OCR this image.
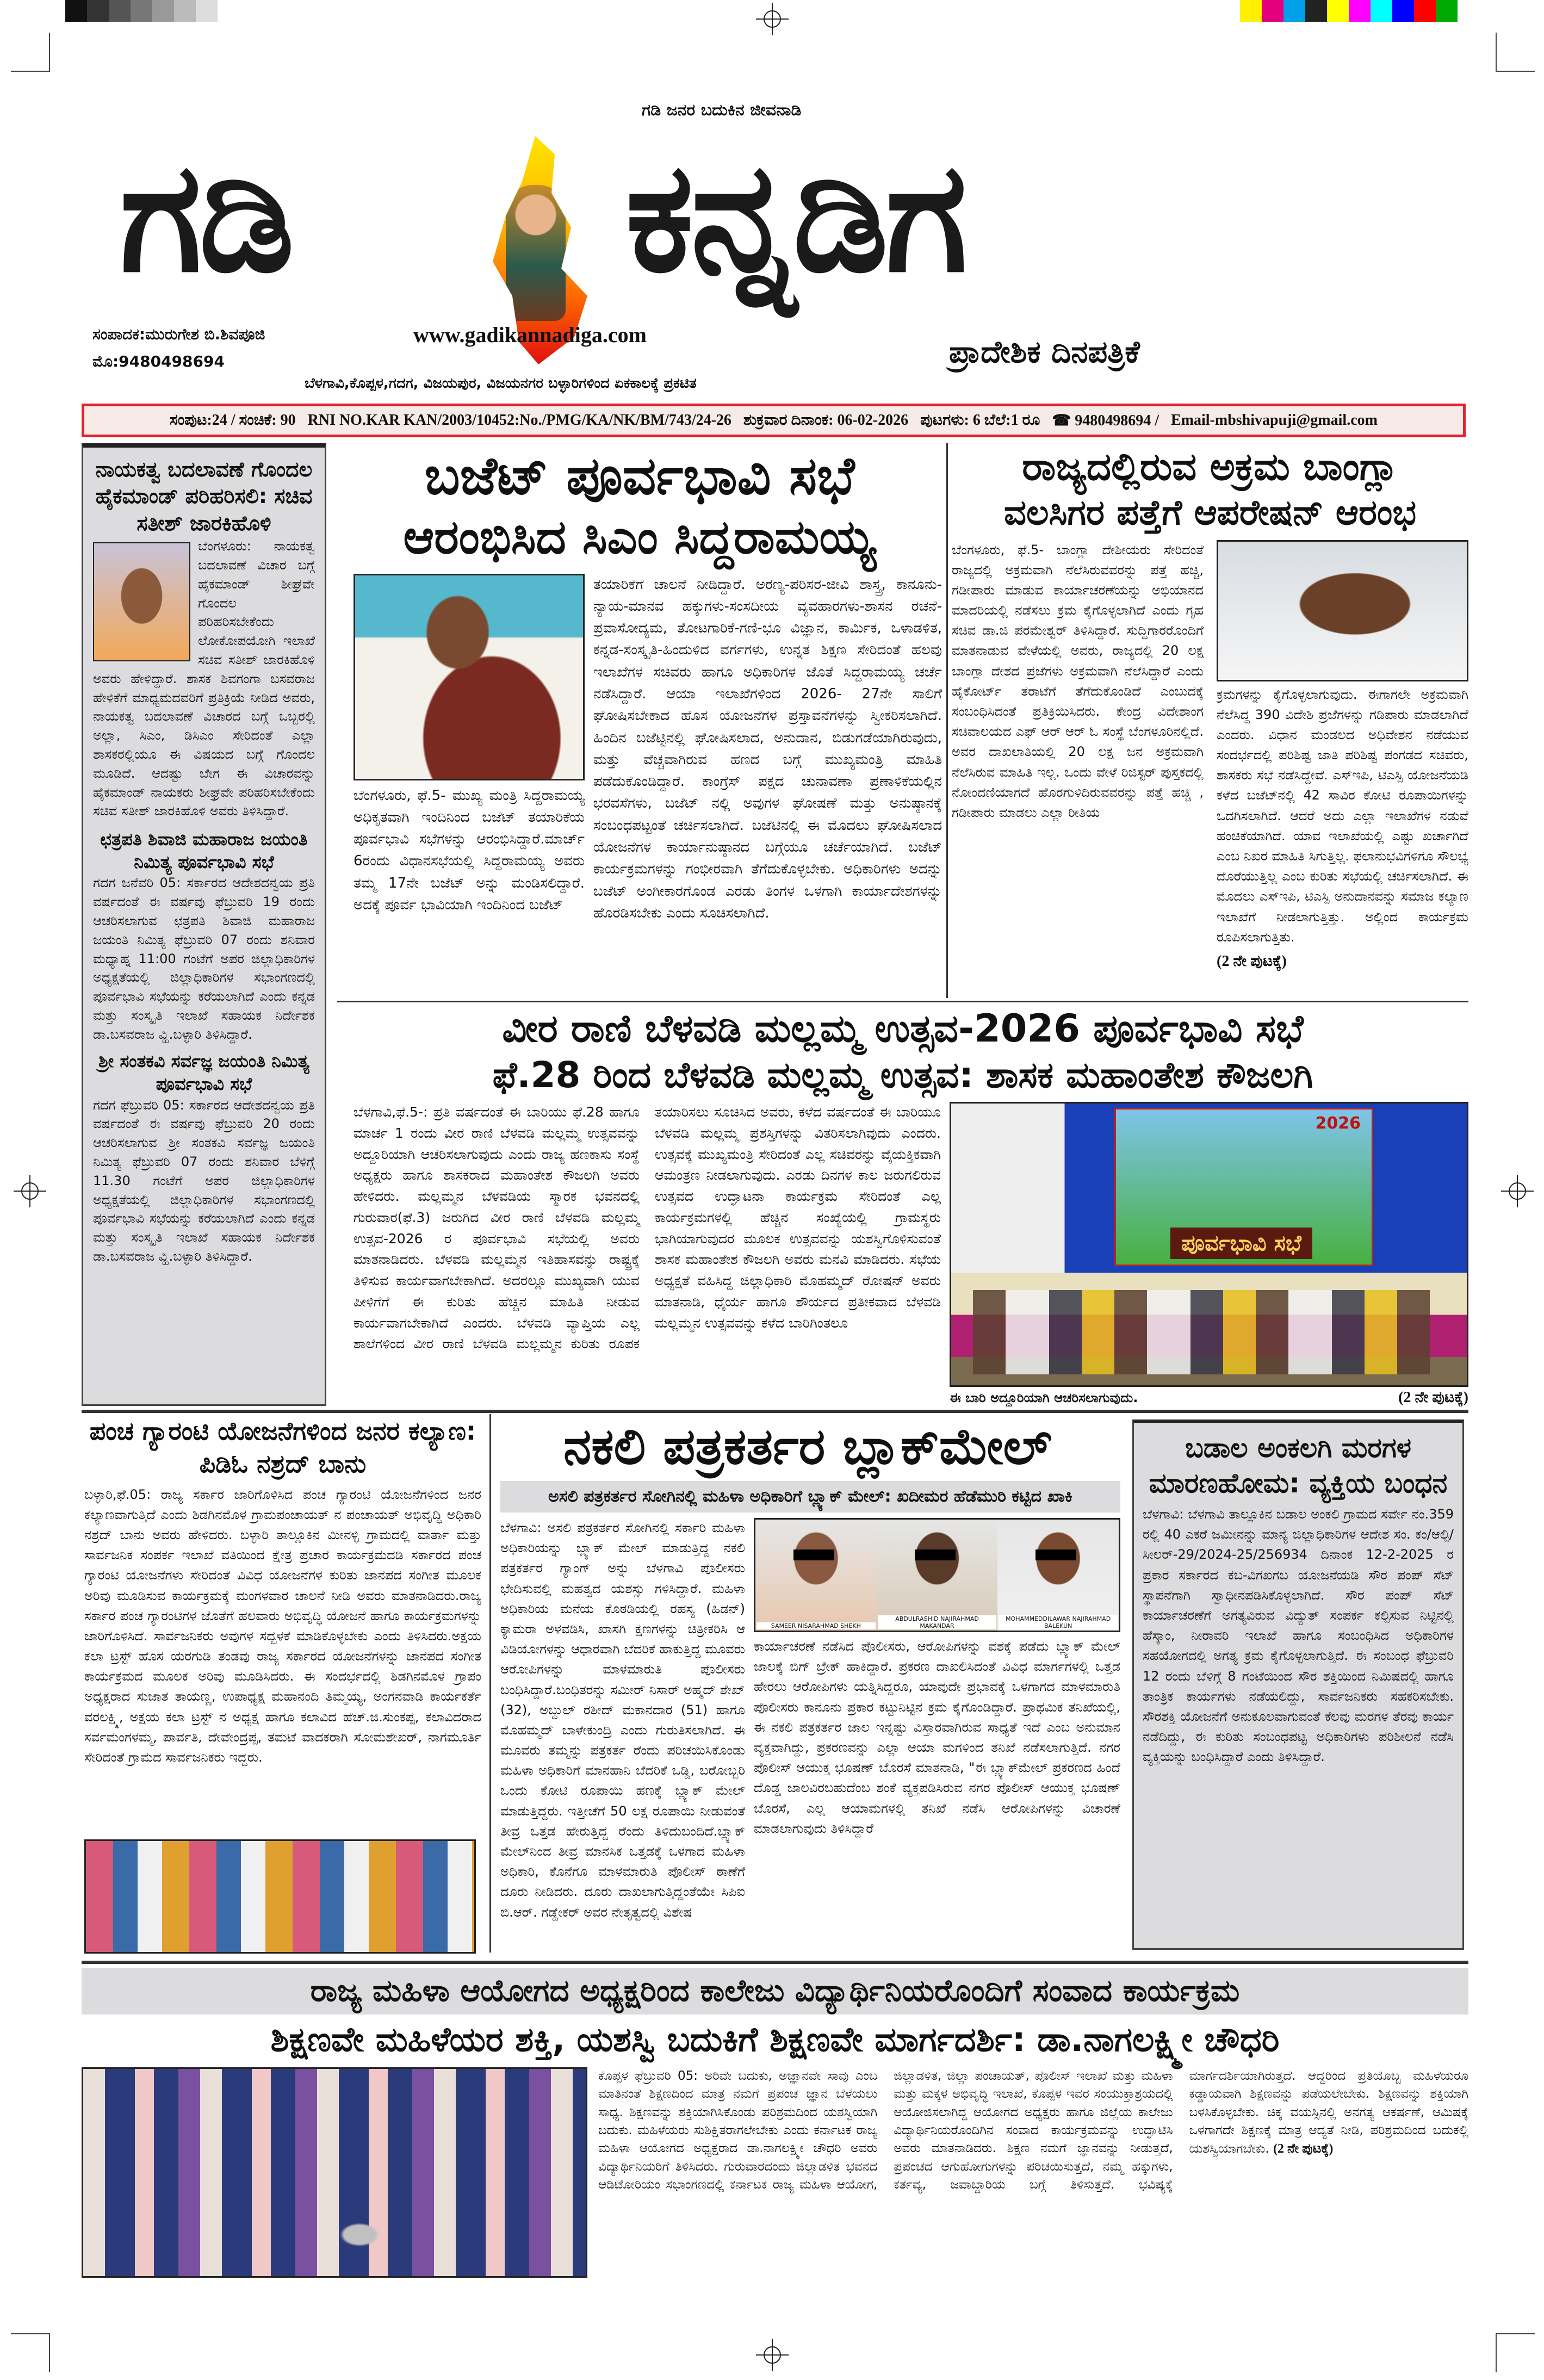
ಗಡಿ ಜನರ ಬದುಕಿನ ಜೀವನಾಡಿ
ಗಡಿ ಕನ್ನಡಿಗ
ಸಂಪಾದಕ:ಮುರುಗೇಶ ಬಿ.ಶಿವಪೂಜಿ
ಮೊ:9480498694
www.gadikannadiga.com
ಬೆಳಗಾವಿ,ಕೊಪ್ಪಳ,ಗದಗ, ವಿಜಯಪುರ, ವಿಜಯನಗರ ಬಳ್ಳಾರಿಗಳಿಂದ ಏಕಕಾಲಕ್ಕೆ ಪ್ರಕಟಿತ
ಪ್ರಾದೇಶಿಕ ದಿನಪತ್ರಿಕೆ
ಸಂಪುಟ:24 / ಸಂಚಿಕೆ: 90 RNI NO.KAR KAN/2003/10452:No./PMG/KA/NK/BM/743/24-26 ಶುಕ್ರವಾರ ದಿನಾಂಕ: 06-02-2026 ಪುಟಗಳು: 6 ಬೆಲೆ:1 ರೂ ☎ 9480498694 / Email-mbshivapuji@gmail.com
ನಾಯಕತ್ವ ಬದಲಾವಣೆ ಗೊಂದಲ ಹೈಕಮಾಂಡ್ ಪರಿಹರಿಸಲಿ: ಸಚಿವ ಸತೀಶ್ ಜಾರಕಿಹೊಳಿ
ಬೆಂಗಳೂರು: ನಾಯಕತ್ವ ಬದಲಾವಣೆ ವಿಚಾರ ಬಗ್ಗೆ ಹೈಕಮಾಂಡ್ ಶೀಘ್ರವೇ ಗೊಂದಲ ಪರಿಹರಿಸಬೇಕೆಂದು ಲೋಕೋಪಯೋಗಿ ಇಲಾಖೆ ಸಚಿವ ಸತೀಶ್ ಜಾರಕಿಹೊಳಿ ಅವರು ಹೇಳಿದ್ದಾರೆ. ಶಾಸಕ ಶಿವಗಂಗಾ ಬಸವರಾಜ ಹೇಳಿಕೆಗೆ ಮಾಧ್ಯಮದವರಿಗೆ ಪ್ರತಿಕ್ರಿಯೆ ನೀಡಿದ ಅವರು, ನಾಯಕತ್ವ ಬದಲಾವಣೆ ವಿಚಾರದ ಬಗ್ಗೆ ಒಬ್ಬರಲ್ಲಿ ಅಲ್ಲಾ, ಸಿಎಂ, ಡಿಸಿಎಂ ಸೇರಿದಂತೆ ಎಲ್ಲಾ ಶಾಸಕರಲ್ಲಿಯೂ ಈ ವಿಷಯದ ಬಗ್ಗೆ ಗೊಂದಲ ಮೂಡಿದೆ. ಆದಷ್ಟು ಬೇಗ ಈ ವಿಚಾರವನ್ನು ಹೈಕಮಾಂಡ್ ನಾಯಕರು ಶೀಘ್ರವೇ ಪರಿಹರಿಸಬೇಕೆಂದು ಸಚಿವ ಸತೀಶ್ ಜಾರಕಿಹೊಳಿ ಅವರು ತಿಳಿಸಿದ್ದಾರೆ.
ಛತ್ರಪತಿ ಶಿವಾಜಿ ಮಹಾರಾಜ ಜಯಂತಿ ನಿಮಿತ್ಯ ಪೂರ್ವಭಾವಿ ಸಭೆ
ಗದಗ ಜನೆವರಿ 05: ಸರ್ಕಾರದ ಆದೇಶದನ್ವಯ ಪ್ರತಿ ವರ್ಷದಂತೆ ಈ ವರ್ಷವು ಫೆಬ್ರುವರಿ 19 ರಂದು ಆಚರಿಸಲಾಗುವ ಛತ್ರಪತಿ ಶಿವಾಜಿ ಮಹಾರಾಜ ಜಯಂತಿ ನಿಮಿತ್ಯ ಫೆಬ್ರುವರಿ 07 ರಂದು ಶನಿವಾರ ಮಧ್ಯಾಹ್ನ 11:00 ಗಂಟೆಗೆ ಅಪರ ಜಿಲ್ಲಾಧಿಕಾರಿಗಳ ಅಧ್ಯಕ್ಷತೆಯಲ್ಲಿ ಜಿಲ್ಲಾಧಿಕಾರಿಗಳ ಸಭಾಂಗಣದಲ್ಲಿ ಪೂರ್ವಭಾವಿ ಸಭೆಯನ್ನು ಕರೆಯಲಾಗಿದೆ ಎಂದು ಕನ್ನಡ ಮತ್ತು ಸಂಸ್ಕೃತಿ ಇಲಾಖೆ ಸಹಾಯಕ ನಿರ್ದೇಶಕ ಡಾ.ಬಸವರಾಜ ವ್ಹಿ.ಬಳ್ಳಾರಿ ತಿಳಿಸಿದ್ದಾರೆ.
ಶ್ರೀ ಸಂತಕವಿ ಸರ್ವಜ್ಞ ಜಯಂತಿ ನಿಮಿತ್ಯ ಪೂರ್ವಭಾವಿ ಸಭೆ
ಗದಗ ಫೆಬ್ರುವರಿ 05: ಸರ್ಕಾರದ ಆದೇಶದನ್ವಯ ಪ್ರತಿ ವರ್ಷದಂತೆ ಈ ವರ್ಷವು ಫೆಬ್ರುವರಿ 20 ರಂದು ಆಚರಿಸಲಾಗುವ ಶ್ರೀ ಸಂತಕವಿ ಸರ್ವಜ್ಞ ಜಯಂತಿ ನಿಮಿತ್ಯ ಫೆಬ್ರುವರಿ 07 ರಂದು ಶನಿವಾರ ಬೆಳಿಗ್ಗೆ 11.30 ಗಂಟೆಗೆ ಅಪರ ಜಿಲ್ಲಾಧಿಕಾರಿಗಳ ಅಧ್ಯಕ್ಷತೆಯಲ್ಲಿ ಜಿಲ್ಲಾಧಿಕಾರಿಗಳ ಸಭಾಂಗಣದಲ್ಲಿ ಪೂರ್ವಭಾವಿ ಸಭೆಯನ್ನು ಕರೆಯಲಾಗಿದೆ ಎಂದು ಕನ್ನಡ ಮತ್ತು ಸಂಸ್ಕೃತಿ ಇಲಾಖೆ ಸಹಾಯಕ ನಿರ್ದೇಶಕ ಡಾ.ಬಸವರಾಜ ವ್ಹಿ.ಬಳ್ಳಾರಿ ತಿಳಿಸಿದ್ದಾರೆ.
ಬಜೆಟ್ ಪೂರ್ವಭಾವಿ ಸಭೆ
ಆರಂಭಿಸಿದ ಸಿಎಂ ಸಿದ್ದರಾಮಯ್ಯ
ಬೆಂಗಳೂರು, ಫೆ.5- ಮುಖ್ಯ ಮಂತ್ರಿ ಸಿದ್ದರಾಮಯ್ಯ ಅಧಿಕೃತವಾಗಿ ಇಂದಿನಿಂದ ಬಜೆಟ್ ತಯಾರಿಕೆಯ ಪೂರ್ವಭಾವಿ ಸಭೆಗಳನ್ನು ಆರಂಭಿಸಿದ್ದಾರೆ.ಮಾರ್ಚ್ 6ರಂದು ವಿಧಾನಸಭೆಯಲ್ಲಿ ಸಿದ್ದರಾಮಯ್ಯ ಅವರು ತಮ್ಮ 17ನೇ ಬಜೆಟ್ ಅನ್ನು ಮಂಡಿಸಲಿದ್ದಾರೆ. ಅದಕ್ಕೆ ಪೂರ್ವ ಭಾವಿಯಾಗಿ ಇಂದಿನಿಂದ ಬಜೆಟ್
ತಯಾರಿಕೆಗೆ ಚಾಲನೆ ನೀಡಿದ್ದಾರೆ. ಅರಣ್ಯ-ಪರಿಸರ-ಜೀವಿ ಶಾಸ್ತ್ರ, ಕಾನೂನು-ನ್ಯಾಯ-ಮಾನವ ಹಕ್ಕುಗಳು-ಸಂಸದೀಯ ವ್ಯವಹಾರಗಳು-ಶಾಸನ ರಚನೆ-ಪ್ರವಾಸೋದ್ಯಮ, ತೋಟಗಾರಿಕೆ-ಗಣಿ-ಭೂ ವಿಜ್ಞಾನ, ಕಾರ್ಮಿಕ, ಒಳಾಡಳಿತ, ಕನ್ನಡ-ಸಂಸ್ಕೃತಿ-ಹಿಂದುಳಿದ ವರ್ಗಗಳು, ಉನ್ನತ ಶಿಕ್ಷಣ ಸೇರಿದಂತೆ ಹಲವು ಇಲಾಖೆಗಳ ಸಚಿವರು ಹಾಗೂ ಅಧಿಕಾರಿಗಳ ಜೊತೆ ಸಿದ್ದರಾಮಯ್ಯ ಚರ್ಚೆ ನಡೆಸಿದ್ದಾರೆ. ಆಯಾ ಇಲಾಖೆಗಳಿಂದ 2026- 27ನೇ ಸಾಲಿಗೆ ಘೋಷಿಸಬೇಕಾದ ಹೊಸ ಯೋಜನೆಗಳ ಪ್ರಸ್ತಾವನೆಗಳನ್ನು ಸ್ವೀಕರಿಸಲಾಗಿದೆ. ಹಿಂದಿನ ಬಜೆಟ್ಟಿನಲ್ಲಿ ಘೋಷಿಸಲಾದ, ಅನುದಾನ, ಬಿಡುಗಡೆಯಾಗಿರುವುದು, ಮತ್ತು ವೆಚ್ಚವಾಗಿರುವ ಹಣದ ಬಗ್ಗೆ ಮುಖ್ಯಮಂತ್ರಿ ಮಾಹಿತಿ ಪಡೆದುಕೊಂಡಿದ್ದಾರೆ. ಕಾಂಗ್ರೆಸ್ ಪಕ್ಷದ ಚುನಾವಣಾ ಪ್ರಣಾಳಿಕೆಯಲ್ಲಿನ ಭರವಸೆಗಳು, ಬಜೆಟ್ ನಲ್ಲಿ ಅವುಗಳ ಘೋಷಣೆ ಮತ್ತು ಅನುಷ್ಠಾನಕ್ಕೆ ಸಂಬಂಧಪಟ್ಟಂತೆ ಚರ್ಚಿಸಲಾಗಿದೆ. ಬಜೆಟಿನಲ್ಲಿ ಈ ಮೊದಲು ಘೋಷಿಸಲಾದ ಯೋಜನೆಗಳ ಕಾರ್ಯಾನುಷ್ಠಾನದ ಬಗ್ಗೆಯೂ ಚರ್ಚೆಯಾಗಿದೆ. ಬಜೆಟ್ ಕಾರ್ಯಕ್ರಮಗಳನ್ನು ಗಂಭೀರವಾಗಿ ತೆಗೆದುಕೊಳ್ಳಬೇಕು. ಅಧಿಕಾರಿಗಳು ಅದನ್ನು ಬಜೆಟ್ ಅಂಗೀಕಾರಗೊಂಡ ಎರಡು ತಿಂಗಳ ಒಳಗಾಗಿ ಕಾರ್ಯಾದೇಶಗಳನ್ನು ಹೊರಡಿಸಬೇಕು ಎಂದು ಸೂಚಿಸಲಾಗಿದೆ.
ರಾಜ್ಯದಲ್ಲಿರುವ ಅಕ್ರಮ ಬಾಂಗ್ಲಾ
ವಲಸಿಗರ ಪತ್ತೆಗೆ ಆಪರೇಷನ್ ಆರಂಭ
ಬೆಂಗಳೂರು, ಫೆ.5- ಬಾಂಗ್ಲಾ ದೇಶೀಯರು ಸೇರಿದಂತೆ ರಾಜ್ಯದಲ್ಲಿ ಅಕ್ರಮವಾಗಿ ನೆಲೆಸಿರುವವರನ್ನು ಪತ್ತೆ ಹಚ್ಚಿ, ಗಡೀಪಾರು ಮಾಡುವ ಕಾರ್ಯಾಚರಣೆಯನ್ನು ಅಭಿಯಾನದ ಮಾದರಿಯಲ್ಲಿ ನಡೆಸಲು ಕ್ರಮ ಕೈಗೊಳ್ಳಲಾಗಿದೆ ಎಂದು ಗೃಹ ಸಚಿವ ಡಾ.ಜಿ ಪರಮೇಶ್ವರ್ ತಿಳಿಸಿದ್ದಾರೆ. ಸುದ್ದಿಗಾರರೊಂದಿಗೆ ಮಾತನಾಡುವ ವೇಳೆಯಲ್ಲಿ ಅವರು, ರಾಜ್ಯದಲ್ಲಿ 20 ಲಕ್ಷ ಬಾಂಗ್ಲಾ ದೇಶದ ಪ್ರಜೆಗಳು ಅಕ್ರಮವಾಗಿ ನೆಲೆಸಿದ್ದಾರೆ ಎಂದು ಹೈಕೋರ್ಟ್ ತರಾಟೆಗೆ ತೆಗೆದುಕೊಂಡಿದೆ ಎಂಬುದಕ್ಕೆ ಸಂಬಂಧಿಸಿದಂತೆ ಪ್ರತಿಕ್ರಿಯಿಸಿದರು. ಕೇಂದ್ರ ವಿದೇಶಾಂಗ ಸಚಿವಾಲಯದ ಎಫ್ ಆರ್ ಆರ್ ಓ ಸಂಸ್ಥೆ ಬೆಂಗಳೂರಿನಲ್ಲಿದೆ. ಅವರ ದಾಖಲಾತಿಯಲ್ಲಿ 20 ಲಕ್ಷ ಜನ ಅಕ್ರಮವಾಗಿ ನೆಲೆಸಿರುವ ಮಾಹಿತಿ ಇಲ್ಲ. ಒಂದು ವೇಳೆ ರಿಜಿಸ್ಟರ್ ಪುಸ್ತಕದಲ್ಲಿ ನೋಂದಣಿಯಾಗದೆ ಹೊರಗುಳಿದಿರುವವರನ್ನು ಪತ್ತೆ ಹಚ್ಚಿ , ಗಡೀಪಾರು ಮಾಡಲು ಎಲ್ಲಾ ರೀತಿಯ

ಕ್ರಮಗಳನ್ನು ಕೈಗೊಳ್ಳಲಾಗುವುದು. ಈಗಾಗಲೇ ಅಕ್ರಮವಾಗಿ ನೆಲೆಸಿದ್ದ 390 ವಿದೇಶಿ ಪ್ರಜೆಗಳನ್ನು ಗಡಿಪಾರು ಮಾಡಲಾಗಿದೆ ಎಂದರು. ವಿಧಾನ ಮಂಡಲದ ಅಧಿವೇಶನ ನಡೆಯುವ ಸಂದರ್ಭದಲ್ಲಿ ಪರಿಶಿಷ್ಟ ಜಾತಿ ಪರಿಶಿಷ್ಟ ಪಂಗಡದ ಸಚಿವರು, ಶಾಸಕರು ಸಭೆ ನಡೆಸಿದ್ದೇವೆ. ಎಸ್ಇಪಿ, ಟಿಎಸ್ಪಿ ಯೋಜನೆಯಡಿ ಕಳೆದ ಬಜೆಟ್‌ನಲ್ಲಿ 42 ಸಾವಿರ ಕೋಟಿ ರೂಪಾಯಿಗಳನ್ನು ಒದಗಿಸಲಾಗಿದೆ. ಆದರೆ ಅದು ಎಲ್ಲಾ ಇಲಾಖೆಗಳ ನಡುವೆ ಹಂಚಿಕೆಯಾಗಿದೆ. ಯಾವ ಇಲಾಖೆಯಲ್ಲಿ ಎಷ್ಟು ಖರ್ಚಾಗಿದೆ ಎಂಬ ನಿಖರ ಮಾಹಿತಿ ಸಿಗುತ್ತಿಲ್ಲ. ಫಲಾನುಭವಿಗಳಿಗೂ ಸೌಲಭ್ಯ ದೊರೆಯುತ್ತಿಲ್ಲ ಎಂಬ ಕುರಿತು ಸಭೆಯಲ್ಲಿ ಚರ್ಚಿಸಲಾಗಿದೆ. ಈ ಮೊದಲು ಎಸ್ಇಪಿ, ಟಿಎಸ್ಪಿ ಅನುದಾನವನ್ನು ಸಮಾಜ ಕಲ್ಯಾಣ ಇಲಾಖೆಗೆ ನೀಡಲಾಗುತ್ತಿತ್ತು. ಅಲ್ಲಿಂದ ಕಾರ್ಯಕ್ರಮ ರೂಪಿಸಲಾಗುತ್ತಿತು.

(2 ನೇ ಪುಟಕ್ಕೆ)
ವೀರ ರಾಣಿ ಬೆಳವಡಿ ಮಲ್ಲಮ್ಮ ಉತ್ಸವ-2026 ಪೂರ್ವಭಾವಿ ಸಭೆ
ಫೆ.28 ರಿಂದ ಬೆಳವಡಿ ಮಲ್ಲಮ್ಮ ಉತ್ಸವ: ಶಾಸಕ ಮಹಾಂತೇಶ ಕೌಜಲಗಿ
ಬೆಳಗಾವಿ,ಫೆ.5-: ಪ್ರತಿ ವರ್ಷದಂತೆ ಈ ಬಾರಿಯು ಫೆ.28 ಹಾಗೂ ಮಾರ್ಚ 1 ರಂದು ವೀರ ರಾಣಿ ಬೆಳವಡಿ ಮಲ್ಲಮ್ಮ ಉತ್ಸವವನ್ನು ಅದ್ದೂರಿಯಾಗಿ ಆಚರಿಸಲಾಗುವುದು ಎಂದು ರಾಜ್ಯ ಹಣಕಾಸು ಸಂಸ್ಥೆ ಅಧ್ಯಕ್ಷರು ಹಾಗೂ ಶಾಸಕರಾದ ಮಹಾಂತೇಶ ಕೌಜಲಗಿ ಅವರು ಹೇಳಿದರು. ಮಲ್ಲಮ್ಮನ ಬೆಳವಡಿಯ ಸ್ಮಾರಕ ಭವನದಲ್ಲಿ ಗುರುವಾರ(ಫೆ.3) ಜರುಗಿದ ವೀರ ರಾಣಿ ಬೆಳವಡಿ ಮಲ್ಲಮ್ಮ ಉತ್ಸವ-2026 ರ ಪೂರ್ವಭಾವಿ ಸಭೆಯಲ್ಲಿ ಅವರು ಮಾತನಾಡಿದರು. ಬೆಳವಡಿ ಮಲ್ಲಮ್ಮನ ಇತಿಹಾಸವನ್ನು ರಾಷ್ಟ್ರಕ್ಕೆ ತಿಳಿಸುವ ಕಾರ್ಯವಾಗಬೇಕಾಗಿದೆ. ಅದರಲ್ಲೂ ಮುಖ್ಯವಾಗಿ ಯುವ ಪೀಳಿಗೆಗೆ ಈ ಕುರಿತು ಹೆಚ್ಚಿನ ಮಾಹಿತಿ ನೀಡುವ ಕಾರ್ಯವಾಗಬೇಕಾಗಿದೆ ಎಂದರು. ಬೆಳವಡಿ ವ್ಯಾಪ್ತಿಯ ಎಲ್ಲ ಶಾಲೆಗಳಿಂದ ವೀರ ರಾಣಿ ಬೆಳವಡಿ ಮಲ್ಲಮ್ಮನ ಕುರಿತು ರೂಪಕ ತಯಾರಿಸಲು ಸೂಚಿಸಿದ ಅವರು, ಕಳೆದ ವರ್ಷದಂತೆ ಈ ಬಾರಿಯೂ ಬೆಳವಡಿ ಮಲ್ಲಮ್ಮ ಪ್ರಶಸ್ತಿಗಳನ್ನು ವಿತರಿಸಲಾಗಿವುದು ಎಂದರು. ಉತ್ಸವಕ್ಕೆ ಮುಖ್ಯಮಂತ್ರಿ ಸೇರಿದಂತೆ ಎಲ್ಲ ಸಚಿವರನ್ನು ವೈಯಕ್ತಿಕವಾಗಿ ಆಮಂತ್ರಣ ನೀಡಲಾಗುವುದು. ಎರಡು ದಿನಗಳ ಕಾಲ ಜರುಗಲಿರುವ ಉತ್ಸವದ ಉದ್ಘಾಟನಾ ಕಾರ್ಯಕ್ರಮ ಸೇರಿದಂತೆ ಎಲ್ಲ ಕಾರ್ಯಕ್ರಮಗಳಲ್ಲಿ ಹೆಚ್ಚಿನ ಸಂಖ್ಯೆಯಲ್ಲಿ ಗ್ರಾಮಸ್ಥರು ಭಾಗಿಯಾಗುವುದರ ಮೂಲಕ ಉತ್ಸವವನ್ನು ಯಶಸ್ವಿಗೊಳಿಸುವಂತೆ ಶಾಸಕ ಮಹಾಂತೇಶ ಕೌಜಲಗಿ ಅವರು ಮನವಿ ಮಾಡಿದರು. ಸಭೆಯ ಅಧ್ಯಕ್ಷತೆ ವಹಿಸಿದ್ದ ಜಿಲ್ಲಾಧಿಕಾರಿ ಮೊಹಮ್ಮದ್ ರೋಷನ್ ಅವರು ಮಾತನಾಡಿ, ಧೈರ್ಯ ಹಾಗೂ ಶೌರ್ಯದ ಪ್ರತೀಕವಾದ ಬೆಳವಡಿ ಮಲ್ಲಮ್ಮನ ಉತ್ಸವವನ್ನು ಕಳೆದ ಬಾರಿಗಿಂತಲೂ
2026
ಪೂರ್ವಭಾವಿ ಸಭೆ
ಈ ಬಾರಿ ಅದ್ದೂರಿಯಾಗಿ ಆಚರಿಸಲಾಗುವುದು.	(2 ನೇ ಪುಟಕ್ಕೆ)
ಪಂಚ ಗ್ಯಾರಂಟಿ ಯೋಜನೆಗಳಿಂದ ಜನರ ಕಲ್ಯಾಣ: ಪಿಡಿಓ ನಶ್ರದ್ ಬಾನು
ಬಳ್ಳಾರಿ,ಫೆ.05: ರಾಜ್ಯ ಸರ್ಕಾರ ಜಾರಿಗೊಳಿಸಿದ ಪಂಚ ಗ್ಯಾರಂಟಿ ಯೋಜನೆಗಳಿಂದ ಜನರ ಕಲ್ಯಾಣವಾಗುತ್ತಿದೆ ಎಂದು ಶಿಡಗಿನಮೊಳ ಗ್ರಾಮಪಂಚಾಯತ್ ನ ಪಂಚಾಯತ್ ಅಭಿವೃದ್ಧಿ ಅಧಿಕಾರಿ ನಶ್ರದ್ ಬಾನು ಅವರು ಹೇಳಿದರು. ಬಳ್ಳಾರಿ ತಾಲ್ಲೂಕಿನ ಮೀನಳ್ಳಿ ಗ್ರಾಮದಲ್ಲಿ ವಾರ್ತಾ ಮತ್ತು ಸಾರ್ವಜನಿಕ ಸಂಪರ್ಕ ಇಲಾಖೆ ವತಿಯಿಂದ ಕ್ಷೇತ್ರ ಪ್ರಚಾರ ಕಾರ್ಯಕ್ರಮದಡಿ ಸರ್ಕಾರದ ಪಂಚ ಗ್ಯಾರಂಟಿ ಯೋಜನೆಗಳು ಸೇರಿದಂತೆ ವಿವಿಧ ಯೋಜನೆಗಳ ಕುರಿತು ಜಾನಪದ ಸಂಗೀತ ಮೂಲಕ ಅರಿವು ಮೂಡಿಸುವ ಕಾರ್ಯಕ್ರಮಕ್ಕೆ ಮಂಗಳವಾರ ಚಾಲನೆ ನೀಡಿ ಅವರು ಮಾತನಾಡಿದರು.ರಾಜ್ಯ ಸರ್ಕಾರ ಪಂಚ ಗ್ಯಾರಂಟಿಗಳ ಜೊತೆಗೆ ಹಲವಾರು ಅಭಿವೃದ್ಧಿ ಯೋಜನೆ ಹಾಗೂ ಕಾರ್ಯಕ್ರಮಗಳನ್ನು ಜಾರಿಗೊಳಿಸಿದೆ. ಸಾರ್ವಜನಿಕರು ಅವುಗಳ ಸದ್ಬಳಕೆ ಮಾಡಿಕೊಳ್ಳಬೇಕು ಎಂದು ತಿಳಿಸಿದರು.ಅಕ್ಷಯ ಕಲಾ ಟ್ರಸ್ಟ್ ಹೊಸ ಯರಗುಡಿ ತಂಡವು ರಾಜ್ಯ ಸರ್ಕಾರದ ಯೋಜನೆಗಳನ್ನು ಜಾನಪದ ಸಂಗೀತ ಕಾರ್ಯಕ್ರಮದ ಮೂಲಕ ಅರಿವು ಮೂಡಿಸಿದರು. ಈ ಸಂದರ್ಭದಲ್ಲಿ ಶಿಡಗಿನಮೊಳ ಗ್ರಾಪಂ ಅಧ್ಯಕ್ಷರಾದ ಸುಜಾತ ತಾಯಣ್ಣ, ಉಪಾಧ್ಯಕ್ಷ ಮಹಾನಂದಿ ತಿಮ್ಮಯ್ಯ, ಅಂಗನವಾಡಿ ಕಾರ್ಯಕರ್ತೆ ವರಲಕ್ಷ್ಮಿ, ಅಕ್ಷಯ ಕಲಾ ಟ್ರಸ್ಟ್ ನ ಅಧ್ಯಕ್ಷ ಹಾಗೂ ಕಲಾವಿದ ಹೆಚ್.ಜಿ.ಸುಂಕಪ್ಪ, ಕಲಾವಿದರಾದ ಸರ್ವಮಂಗಳಮ್ಮ, ಪಾರ್ವತಿ, ದೇವೇಂದ್ರಪ್ಪ, ತಮಟೆ ವಾದಕರಾಗಿ ಸೋಮಶೇಖರ್, ನಾಗಮೂರ್ತಿ ಸೇರಿದಂತೆ ಗ್ರಾಮದ ಸಾರ್ವಜನಿಕರು ಇದ್ದರು.
ನಕಲಿ ಪತ್ರಕರ್ತರ ಬ್ಲಾಕ್‌ಮೇಲ್
ಅಸಲಿ ಪತ್ರಕರ್ತರ ಸೋಗಿನಲ್ಲಿ ಮಹಿಳಾ ಅಧಿಕಾರಿಗೆ ಬ್ಲ್ಯಾಕ್ ಮೇಲ್: ಖದೀಮರ ಹೆಡೆಮುರಿ ಕಟ್ಟಿದ ಖಾಕಿ
ಬೆಳಗಾವಿ: ಅಸಲಿ ಪತ್ರಕರ್ತರ ಸೋಗಿನಲ್ಲಿ ಸರ್ಕಾರಿ ಮಹಿಳಾ ಅಧಿಕಾರಿಯನ್ನು ಬ್ಲ್ಯಾಕ್ ಮೇಲ್ ಮಾಡುತ್ತಿದ್ದ ನಕಲಿ ಪತ್ರಕರ್ತರ ಗ್ಯಾಂಗ್ ಅನ್ನು ಬೆಳಗಾವಿ ಪೊಲೀಸರು ಭೇದಿಸುವಲ್ಲಿ ಮಹತ್ವದ ಯಶಸ್ಸು ಗಳಿಸಿದ್ದಾರೆ. ಮಹಿಳಾ ಅಧಿಕಾರಿಯ ಮನೆಯ ಕೊಠಡಿಯಲ್ಲಿ ರಹಸ್ಯ (ಹಿಡನ್) ಕ್ಯಾಮರಾ ಅಳವಡಿಸಿ, ಖಾಸಗಿ ಕ್ಷಣಗಳನ್ನು ಚಿತ್ರೀಕರಿಸಿ ಆ ವಿಡಿಯೋಗಳನ್ನು ಆಧಾರವಾಗಿ ಬೆದರಿಕೆ ಹಾಕುತ್ತಿದ್ದ ಮೂವರು ಆರೋಪಿಗಳನ್ನು ಮಾಳಮಾರುತಿ ಪೊಲೀಸರು ಬಂಧಿಸಿದ್ದಾರೆ.ಬಂಧಿತರನ್ನು ಸಮೀರ್ ನಿಸಾರ್ ಅಹ್ಮದ್ ಶೇಖ್ (32), ಅಬ್ದುಲ್ ರಶೀದ್ ಮಕಾನದಾರ (51) ಹಾಗೂ ಮೊಹಮ್ಮದ್ ಬಾಳೇಕುಂದ್ರಿ ಎಂದು ಗುರುತಿಸಲಾಗಿದೆ. ಈ ಮೂವರು ತಮ್ಮನ್ನು ಪತ್ರಕರ್ತ ರೆಂದು ಪರಿಚಯಿಸಿಕೊಂಡು ಮಹಿಳಾ ಅಧಿಕಾರಿಗೆ ಮಾನಹಾನಿ ಬೆದರಿಕೆ ಒಡ್ಡಿ, ಬರೋಬ್ಬರಿ ಒಂದು ಕೋಟಿ ರೂಪಾಯಿ ಹಣಕ್ಕೆ ಬ್ಲ್ಯಾಕ್ ಮೇಲ್ ಮಾಡುತ್ತಿದ್ದರು. ಇತ್ತೀಚೆಗೆ 50 ಲಕ್ಷ ರೂಪಾಯಿ ನೀಡುವಂತೆ ತೀವ್ರ ಒತ್ತಡ ಹೇರುತ್ತಿದ್ದ ರೆಂದು ತಿಳಿದುಬಂದಿದೆ.ಬ್ಲ್ಯಾಕ್ ಮೇಲ್‌ನಿಂದ ತೀವ್ರ ಮಾನಸಿಕ ಒತ್ತಡಕ್ಕೆ ಒಳಗಾದ ಮಹಿಳಾ ಅಧಿಕಾರಿ, ಕೊನೆಗೂ ಮಾಳಮಾರುತಿ ಪೊಲೀಸ್ ಠಾಣೆಗೆ ದೂರು ನೀಡಿದರು. ದೂರು ದಾಖಲಾಗುತ್ತಿದ್ದಂತೆಯೇ ಸಿಪಿಐ ಬಿ.ಆರ್. ಗಡ್ಡೇಕರ್ ಅವರ ನೇತೃತ್ವದಲ್ಲಿ ವಿಶೇಷ
SAMEER NISARAHMAD SHEKH
ABDULRASHID NAJIRAHMAD MAKANDAR
MOHAMMEDDILAWAR NAJIRAHMAD BALEKUN
ಕಾರ್ಯಾಚರಣೆ ನಡೆಸಿದ ಪೊಲೀಸರು, ಆರೋಪಿಗಳನ್ನು ವಶಕ್ಕೆ ಪಡೆದು ಬ್ಲ್ಯಾಕ್ ಮೇಲ್ ಜಾಲಕ್ಕೆ ಬಿಗ್ ಬ್ರೇಕ್ ಹಾಕಿದ್ದಾರೆ. ಪ್ರಕರಣ ದಾಖಲಿಸಿದಂತೆ ವಿವಿಧ ಮಾರ್ಗಗಳಲ್ಲಿ ಒತ್ತಡ ಹೇರಲು ಆರೋಪಿಗಳು ಯತ್ನಿಸಿದ್ದರೂ, ಯಾವುದೇ ಪ್ರಭಾವಕ್ಕೆ ಒಳಗಾಗದ ಮಾಳಮಾರುತಿ ಪೊಲೀಸರು ಕಾನೂನು ಪ್ರಕಾರ ಕಟ್ಟುನಿಟ್ಟಿನ ಕ್ರಮ ಕೈಗೊಂಡಿದ್ದಾರೆ. ಪ್ರಾಥಮಿಕ ತನಿಖೆಯಲ್ಲಿ, ಈ ನಕಲಿ ಪತ್ರಕರ್ತರ ಜಾಲ ಇನ್ನಷ್ಟು ವಿಸ್ತಾರವಾಗಿರುವ ಸಾಧ್ಯತೆ ಇದೆ ಎಂಬ ಅನುಮಾನ ವ್ಯಕ್ತವಾಗಿದ್ದು, ಪ್ರಕರಣವನ್ನು ಎಲ್ಲಾ ಆಯಾ ಮಗಳಿಂದ ತನಿಖೆ ನಡೆಸಲಾಗುತ್ತಿದೆ. ನಗರ ಪೊಲೀಸ್ ಆಯುಕ್ತ ಭೂಷಣ್ ಬೊರಸೆ ಮಾತನಾಡಿ, "ಈ ಬ್ಲ್ಯಾಕ್‌ಮೇಲ್ ಪ್ರಕರಣದ ಹಿಂದೆ ದೊಡ್ಡ ಜಾಲವಿರಬಹುದೆಂಬ ಶಂಕೆ ವ್ಯಕ್ತಪಡಿಸಿರುವ ನಗರ ಪೊಲೀಸ್ ಆಯುಕ್ತ ಭೂಷಣ್ ಬೊರಸೆ, ಎಲ್ಲ ಆಯಾಮಗಳಲ್ಲಿ ತನಿಖೆ ನಡೆಸಿ ಆರೋಪಿಗಳನ್ನು ವಿಚಾರಣೆ ಮಾಡಲಾಗುವುದು ತಿಳಿಸಿದ್ದಾರೆ
ಬಡಾಲ ಅಂಕಲಗಿ ಮರಗಳ ಮಾರಣಹೋಮ: ವ್ಯಕ್ತಿಯ ಬಂಧನ
ಬೆಳಗಾವಿ: ಬೆಳಗಾವಿ ತಾಲ್ಲೂಕಿನ ಬಡಾಲ ಅಂಕಲಿ ಗ್ರಾಮದ ಸರ್ವೇ ನಂ.359 ರಲ್ಲಿ 40 ಎಕರೆ ಜಮೀನನ್ನು ಮಾನ್ಯ ಜಿಲ್ಲಾಧಿಕಾರಿಗಳ ಆದೇಶ ಸಂ. ಕಂ/ಆಲ್ಪಿ/ಸೀಲರ್-29/2024-25/256934 ದಿನಾಂಕ 12-2-2025 ರ ಪ್ರಕಾರ ಸರ್ಕಾರದ ಕಬ-ವಿಗಖಗಬ ಯೋಜನೆಯಡಿ ಸೌರ ಪಂಪ್ ಸೆಟ್ ಸ್ಥಾಪನೆಗಾಗಿ ಸ್ವಾಧೀನಪಡಿಸಿಕೊಳ್ಳಲಾಗಿದೆ. ಸೌರ ಪಂಪ್ ಸೆಟ್ ಕಾರ್ಯಾಚರಣೆಗೆ ಅಗತ್ಯವಿರುವ ವಿದ್ಯುತ್ ಸಂಪರ್ಕ ಕಲ್ಪಿಸುವ ನಿಟ್ಟಿನಲ್ಲಿ ಹೆಸ್ಕಾಂ, ನೀರಾವರಿ ಇಲಾಖೆ ಹಾಗೂ ಸಂಬಂಧಿಸಿದ ಅಧಿಕಾರಿಗಳ ಸಹಯೋಗದಲ್ಲಿ ಅಗತ್ಯ ಕ್ರಮ ಕೈಗೊಳ್ಳಲಾಗುತ್ತಿದೆ. ಈ ಸಂಬಂಧ ಫೆಬ್ರುವರಿ 12 ರಂದು ಬೆಳಿಗ್ಗೆ 8 ಗಂಟೆಯಿಂದ ಸೌರ ಶಕ್ತಿಯಿಂದ ನಿಮಿಷದಲ್ಲಿ ಹಾಗೂ ತಾಂತ್ರಿಕ ಕಾರ್ಯಗಳು ನಡೆಯಲಿದ್ದು, ಸಾರ್ವಜನಿಕರು ಸಹಕರಿಸಬೇಕು. ಸೌರಶಕ್ತಿ ಯೋಜನೆಗೆ ಅನುಕೂಲವಾಗುವಂತೆ ಕೆಲವು ಮರಗಳ ತೆರವು ಕಾರ್ಯ ನಡೆದಿದ್ದು, ಈ ಕುರಿತು ಸಂಬಂಧಪಟ್ಟ ಅಧಿಕಾರಿಗಳು ಪರಿಶೀಲನೆ ನಡೆಸಿ ವ್ಯಕ್ತಿಯನ್ನು ಬಂಧಿಸಿದ್ದಾರೆ ಎಂದು ತಿಳಿಸಿದ್ದಾರೆ.
ರಾಜ್ಯ ಮಹಿಳಾ ಆಯೋಗದ ಅಧ್ಯಕ್ಷರಿಂದ ಕಾಲೇಜು ವಿದ್ಯಾರ್ಥಿನಿಯರೊಂದಿಗೆ ಸಂವಾದ ಕಾರ್ಯಕ್ರಮ
ಶಿಕ್ಷಣವೇ ಮಹಿಳೆಯರ ಶಕ್ತಿ, ಯಶಸ್ವಿ ಬದುಕಿಗೆ ಶಿಕ್ಷಣವೇ ಮಾರ್ಗದರ್ಶಿ: ಡಾ.ನಾಗಲಕ್ಷ್ಮೀ ಚೌಧರಿ
ಕೊಪ್ಪಳ ಫೆಬ್ರುವರಿ 05: ಅರಿವೇ ಬದುಕು, ಅಜ್ಞಾನವೇ ಸಾವು ಎಂಬ ಮಾತಿನಂತೆ ಶಿಕ್ಷಣದಿಂದ ಮಾತ್ರ ನಮಗೆ ಪ್ರಪಂಚ ಜ್ಞಾನ ಬೆಳೆಯಲು ಸಾಧ್ಯ. ಶಿಕ್ಷಣವನ್ನು ಶಕ್ತಿಯಾಗಿಸಿಕೊಂಡು ಪರಿಶ್ರಮದಿಂದ ಯಶಸ್ವಿಯಾಗಿ ಬದುಕು. ಮಹಿಳೆಯರು ಸುಶಿಕ್ಷಿತರಾಗಲೇಬೇಕು ಎಂದು ಕರ್ನಾಟಕ ರಾಜ್ಯ ಮಹಿಳಾ ಆಯೋಗದ ಅಧ್ಯಕ್ಷರಾದ ಡಾ.ನಾಗಲಕ್ಷ್ಮೀ ಚೌಧರಿ ಅವರು ವಿದ್ಯಾರ್ಥಿನಿಯರಿಗೆ ತಿಳಿಸಿದರು. ಗುರುವಾರದಂದು ಜಿಲ್ಲಾಡಳಿತ ಭವನದ ಆಡಿಟೋರಿಯಂ ಸಭಾಂಗಣದಲ್ಲಿ ಕರ್ನಾಟಕ ರಾಜ್ಯ ಮಹಿಳಾ ಆಯೋಗ, ಜಿಲ್ಲಾಡಳಿತ, ಜಿಲ್ಲಾ ಪಂಚಾಯತ್, ಪೊಲೀಸ್ ಇಲಾಖೆ ಮತ್ತು ಮಹಿಳಾ ಮತ್ತು ಮಕ್ಕಳ ಅಭಿವೃದ್ಧಿ ಇಲಾಖೆ, ಕೊಪ್ಪಳ ಇವರ ಸಂಯುಕ್ತಾಶ್ರಯದಲ್ಲಿ ಆಯೋಜಿಸಲಾಗಿದ್ದ ಆಯೋಗದ ಅಧ್ಯಕ್ಷರು ಹಾಗೂ ಜಿಲ್ಲೆಯ ಕಾಲೇಜು ವಿದ್ಯಾರ್ಥಿನಿಯರೊಂದಿಗಿನ ಸಂವಾದ ಕಾರ್ಯಕ್ರಮವನ್ನು ಉದ್ಘಾಟಿಸಿ ಅವರು ಮಾತನಾಡಿದರು. ಶಿಕ್ಷಣ ನಮಗೆ ಜ್ಞಾನವನ್ನು ನೀಡುತ್ತದೆ, ಪ್ರಪಂಚದ ಆಗುಹೋಗುಗಳನ್ನು ಪರಿಚಯಿಸುತ್ತದೆ, ನಮ್ಮ ಹಕ್ಕುಗಳು, ಕರ್ತವ್ಯ, ಜವಾಬ್ದಾರಿಯ ಬಗ್ಗೆ ತಿಳಿಸುತ್ತದೆ. ಭವಿಷ್ಯಕ್ಕೆ ಮಾರ್ಗದರ್ಶಿಯಾಗಿರುತ್ತದೆ. ಆದ್ದರಿಂದ ಪ್ರತಿಯೊಬ್ಬ ಮಹಿಳೆಯರೂ ಕಡ್ಡಾಯವಾಗಿ ಶಿಕ್ಷಣವನ್ನು ಪಡೆಯಲೇಬೇಕು. ಶಿಕ್ಷಣವನ್ನು ಶಕ್ತಿಯಾಗಿ ಬಳಸಿಕೊಳ್ಳಬೇಕು. ಚಿಕ್ಕ ವಯಸ್ಸಿನಲ್ಲಿ ಅನಗತ್ಯ ಆಕರ್ಷಣೆ, ಆಮಿಷಕ್ಕೆ ಒಳಗಾಗದೇ ಶಿಕ್ಷಣಕ್ಕೆ ಮಾತ್ರ ಆದ್ಯತೆ ನೀಡಿ, ಪರಿಶ್ರಮದಿಂದ ಬದುಕಲ್ಲಿ ಯಶಸ್ವಿಯಾಗಬೇಕು. (2 ನೇ ಪುಟಕ್ಕೆ)
